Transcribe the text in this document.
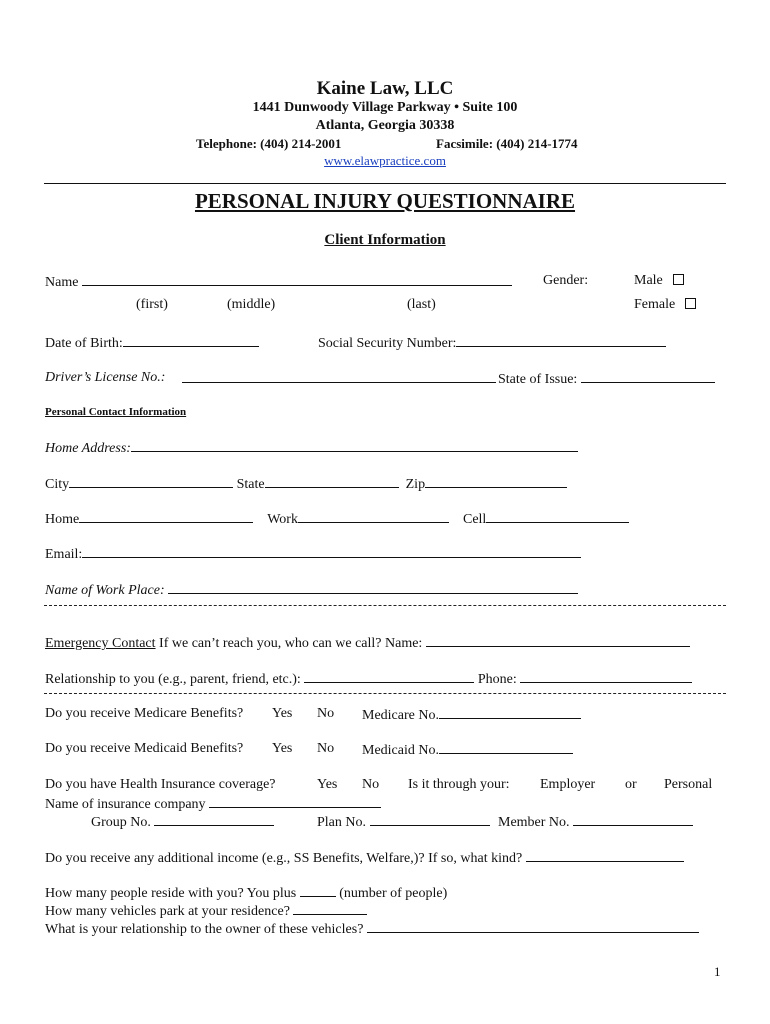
Kaine Law, LLC
1441 Dunwoody Village Parkway • Suite 100
Atlanta, Georgia 30338
Telephone: (404) 214-2001	Facsimile: (404) 214-1774
www.elawpractice.com
PERSONAL INJURY QUESTIONNAIRE
Client Information
Name	Gender:	Male
(first)	(middle)	(last)	Female
Date of Birth:	Social Security Number:
Driver’s License No.:	State of Issue:
Personal Contact Information
Home Address:
City	State	Zip
Home	Work	Cell
Email:
Name of Work Place:
Emergency Contact If we can’t reach you, who can we call? Name:
Relationship to you (e.g., parent, friend, etc.):	Phone:
Do you receive Medicare Benefits? Yes No Medicare No.
Do you receive Medicaid Benefits? Yes No Medicaid No.
Do you have Health Insurance coverage?	Yes No Is it through your: Employer or Personal
Name of insurance company
Group No.	Plan No.	Member No.
Do you receive any additional income (e.g., SS Benefits, Welfare,)? If so, what kind?
How many people reside with you? You plus	(number of people)
How many vehicles park at your residence?
What is your relationship to the owner of these vehicles?
1
